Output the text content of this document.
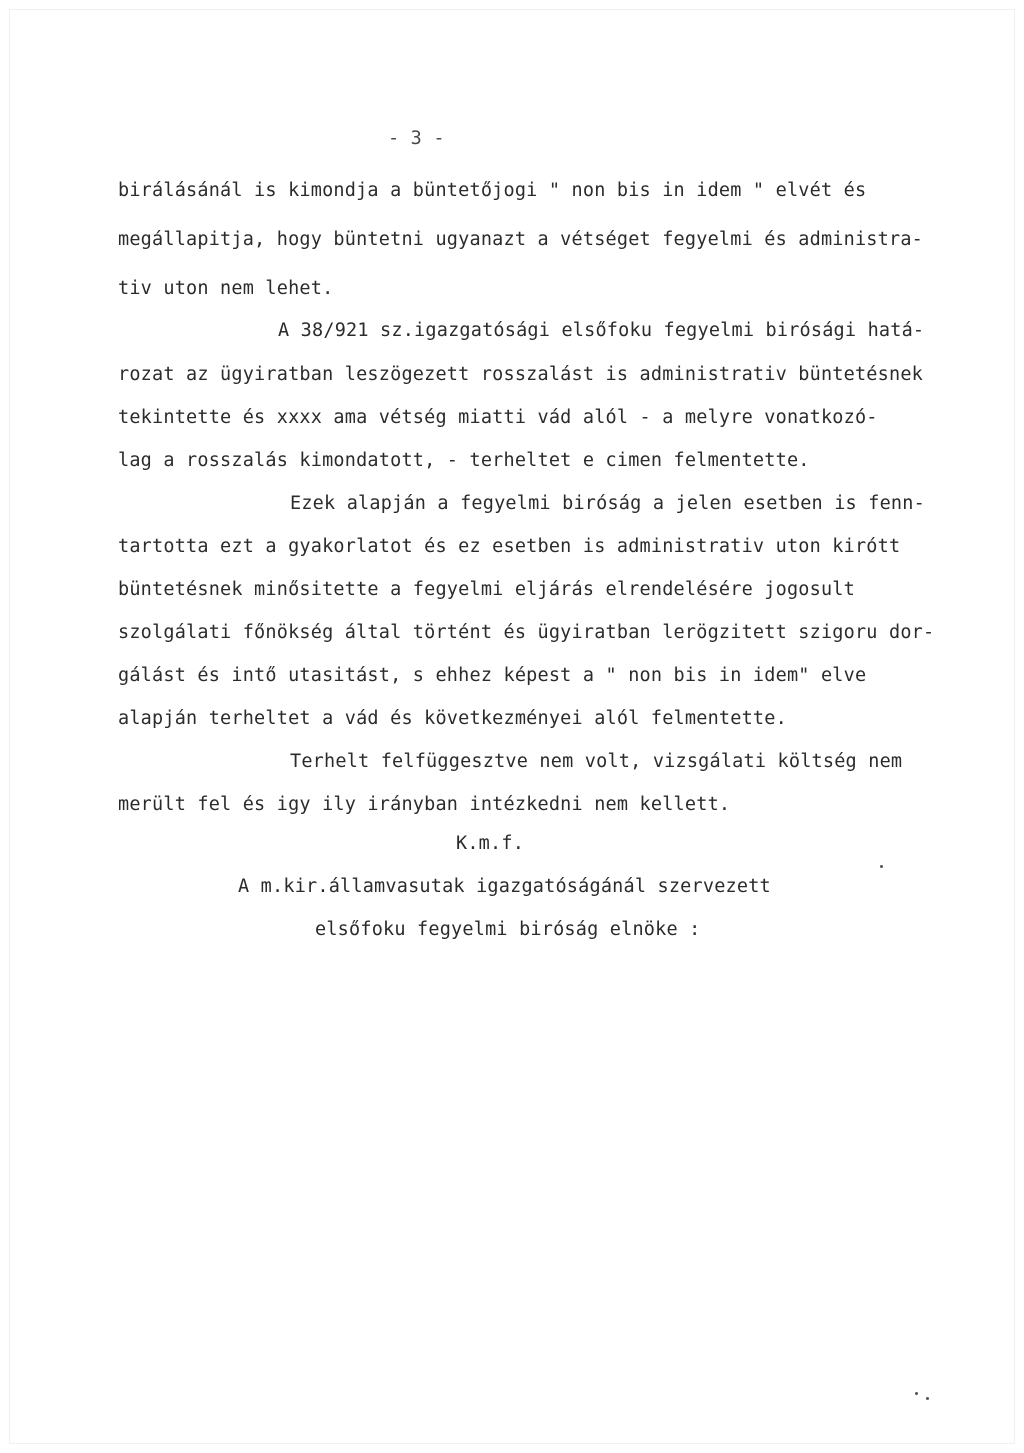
- 3 -
birálásánál is kimondja a büntetőjogi " non bis in idem " elvét és
megállapitja, hogy büntetni ugyanazt a vétséget fegyelmi és administra-
tiv uton nem lehet.
A 38/921 sz.igazgatósági elsőfoku fegyelmi birósági hatá-
rozat az ügyiratban leszögezett rosszalást is administrativ büntetésnek
tekintette és xxxx ama vétség miatti vád alól - a melyre vonatkozó-
lag a rosszalás kimondatott, - terheltet e cimen felmentette.
Ezek alapján a fegyelmi biróság a jelen esetben is fenn-
tartotta ezt a gyakorlatot és ez esetben is administrativ uton kirótt
büntetésnek minősitette a fegyelmi eljárás elrendelésére jogosult
szolgálati főnökség által történt és ügyiratban lerögzitett szigoru dor-
gálást és intő utasitást, s ehhez képest a " non bis in idem" elve
alapján terheltet a vád és következményei alól felmentette.
Terhelt felfüggesztve nem volt, vizsgálati költség nem
merült fel és igy ily irányban intézkedni nem kellett.
K.m.f.
A m.kir.államvasutak igazgatóságánál szervezett
elsőfoku fegyelmi biróság elnöke :
